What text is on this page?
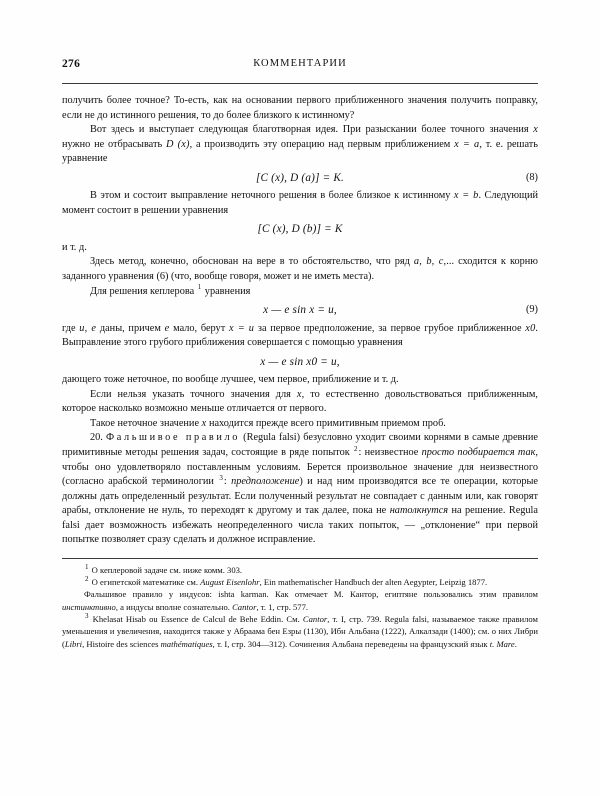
276	КОММЕНТАРИИ

получить более точное? То-есть, как на основании первого приближенного значения получить поправку, если не до истинного решения, то до более близкого к истинному?

Вот здесь и выступает следующая благотворная идея. При разыскании более точного значения x нужно не отбрасывать D (x), а производить эту операцию над первым приближением x = a, т. е. решать уравнение

[C (x), D (a)] = K.	(8)

В этом и состоит выправление неточного решения в более близкое к истинному x = b. Следующий момент состоит в решении уравнения

[C (x), D (b)] = K

и т. д.

Здесь метод, конечно, обоснован на вере в то обстоятельство, что ряд a, b, c,... сходится к корню заданного уравнения (6) (что, вообще говоря, может и не иметь места).

Для решения кеплерова $^1$ уравнения

x — e sin x = и,	(9)

где и, e даны, причем e мало, берут x = и за первое предположение, за первое грубое приближенное x0. Выправление этого грубого приближения совершается с помощью уравнения

x — e sin x0 = и,

дающего тоже неточное, по вообще лучшее, чем первое, приближение и т. д.

Если нельзя указать точного значения для x, то естественно довольствоваться приближенным, которое насколько возможно меньше отличается от первого.

Такое неточное значение x находится прежде всего примитивным приемом проб.

20. Фальшивое правило (Regula falsi) безусловно уходит своими корнями в самые древние примитивные методы решения задач, состоящие в ряде попыток $^2$: неизвестное просто подбирается так, чтобы оно удовлетворяло поставленным условиям. Берется произвольное значение для неизвестного (согласно арабской терминологии $^3$: предположение) и над ним производятся все те операции, которые должны дать определенный результат. Если полученный результат не совпадает с данным или, как говорят арабы, отклонение не нуль, то переходят к другому и так далее, пока не натолкнутся на решение. Regula falsi дает возможность избежать неопределенного числа таких попыток, — „отклонение“ при первой попытке позволяет сразу сделать и должное исправление.

$^1$ О кеплеровой задаче см. ниже комм. 303.

$^2$ О египетской математике см. August Eisenlohr, Ein mathematischer Handbuch der alten Aegypter, Leipzig 1877.

Фальшивое правило у индусов: ishta karman. Как отмечает М. Кантор, египтяне пользовались этим правилом инстинктивно, а индусы вполне сознательно. Cantor, т. 1, стр. 577.

$^3$ Khelasat Hisab ou Essence de Calcul de Behe Eddin. См. Cantor, т. I, стр. 739. Regula falsi, называемое также правилом уменьшения и увеличения, находится также у Абраама бен Езры (1130), Ибн Альбана (1222), Алкалзади (1400); см. о них Либри (Libri, Histoire des sciences mathématiques, т. I, стр. 304—312). Сочинения Альбана переведены на французский язык t. Mare.
